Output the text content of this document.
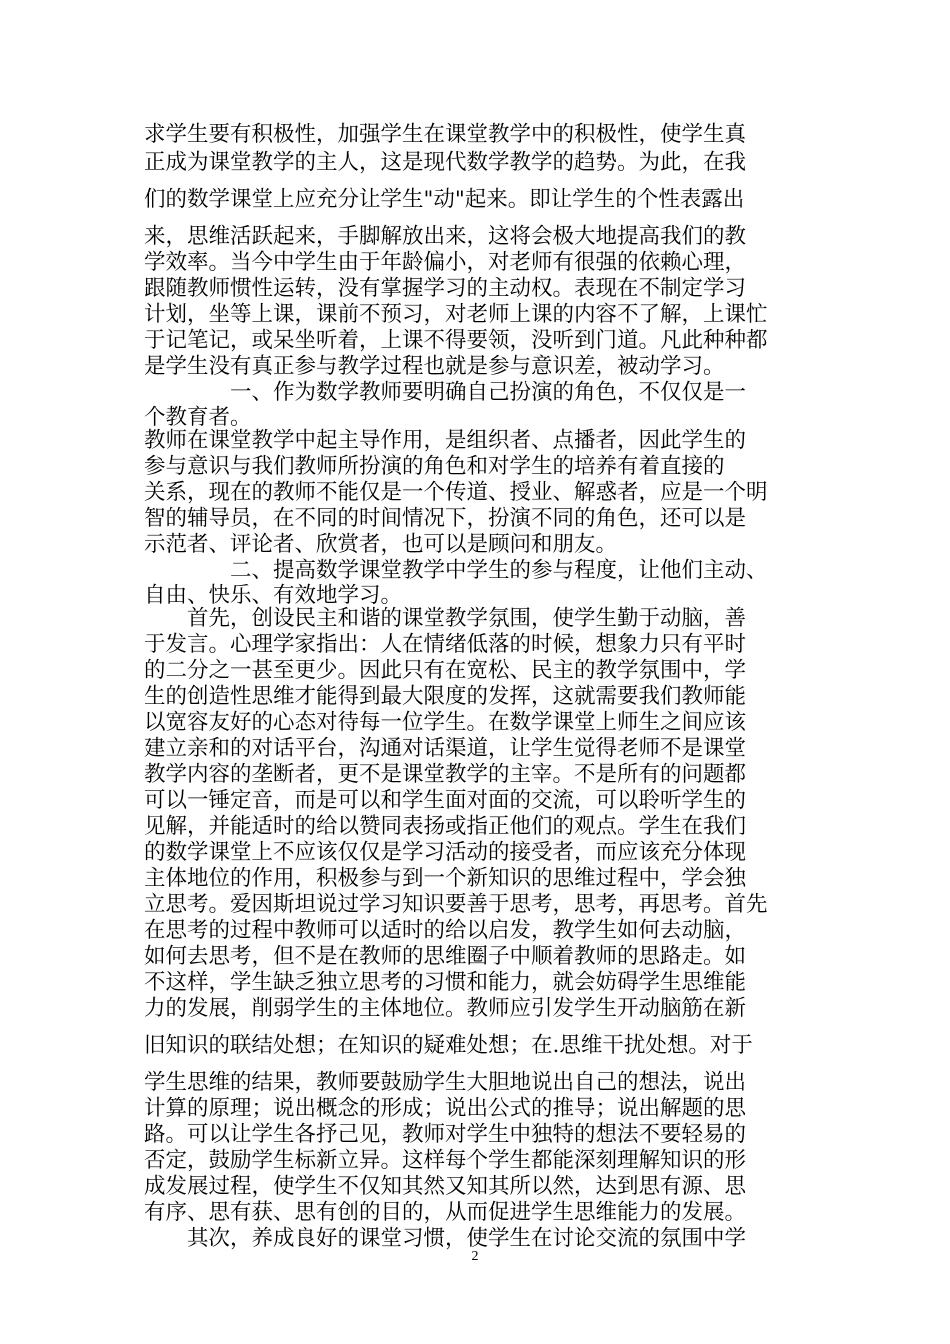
求学生要有积极性，加强学生在课堂教学中的积极性，使学生真
正成为课堂教学的主人，这是现代数学教学的趋势。为此，在我
们的数学课堂上应充分让学生"动"起来。即让学生的个性表露出
来，思维活跃起来，手脚解放出来，这将会极大地提高我们的教
学效率。当今中学生由于年龄偏小，对老师有很强的依赖心理，
跟随教师惯性运转，没有掌握学习的主动权。表现在不制定学习
计划，坐等上课，课前不预习，对老师上课的内容不了解，上课忙
于记笔记，或呆坐听着，上课不得要领，没听到门道。凡此种种都
是学生没有真正参与教学过程也就是参与意识差，被动学习。
　　　　一、作为数学教师要明确自己扮演的角色，不仅仅是一
个教育者。
教师在课堂教学中起主导作用，是组织者、点播者，因此学生的
参与意识与我们教师所扮演的角色和对学生的培养有着直接的
关系，现在的教师不能仅是一个传道、授业、解惑者，应是一个明
智的辅导员，在不同的时间情况下，扮演不同的角色，还可以是
示范者、评论者、欣赏者，也可以是顾问和朋友。
　　　　二、提高数学课堂教学中学生的参与程度，让他们主动、
自由、快乐、有效地学习。
　　首先，创设民主和谐的课堂教学氛围，使学生勤于动脑，善
于发言。心理学家指出：人在情绪低落的时候，想象力只有平时
的二分之一甚至更少。因此只有在宽松、民主的教学氛围中，学
生的创造性思维才能得到最大限度的发挥，这就需要我们教师能
以宽容友好的心态对待每一位学生。在数学课堂上师生之间应该
建立亲和的对话平台，沟通对话渠道，让学生觉得老师不是课堂
教学内容的垄断者，更不是课堂教学的主宰。不是所有的问题都
可以一锤定音，而是可以和学生面对面的交流，可以聆听学生的
见解，并能适时的给以赞同表扬或指正他们的观点。学生在我们
的数学课堂上不应该仅仅是学习活动的接受者，而应该充分体现
主体地位的作用，积极参与到一个新知识的思维过程中，学会独
立思考。爱因斯坦说过学习知识要善于思考，思考，再思考。首先
在思考的过程中教师可以适时的给以启发，教学生如何去动脑，
如何去思考，但不是在教师的思维圈子中顺着教师的思路走。如
不这样，学生缺乏独立思考的习惯和能力，就会妨碍学生思维能
力的发展，削弱学生的主体地位。教师应引发学生开动脑筋在新
旧知识的联结处想；在知识的疑难处想；在.思维干扰处想。对于
学生思维的结果，教师要鼓励学生大胆地说出自己的想法，说出
计算的原理；说出概念的形成；说出公式的推导；说出解题的思
路。可以让学生各抒己见，教师对学生中独特的想法不要轻易的
否定，鼓励学生标新立异。这样每个学生都能深刻理解知识的形
成发展过程，使学生不仅知其然又知其所以然，达到思有源、思
有序、思有获、思有创的目的，从而促进学生思维能力的发展。
　　其次，养成良好的课堂习惯，使学生在讨论交流的氛围中学
2
